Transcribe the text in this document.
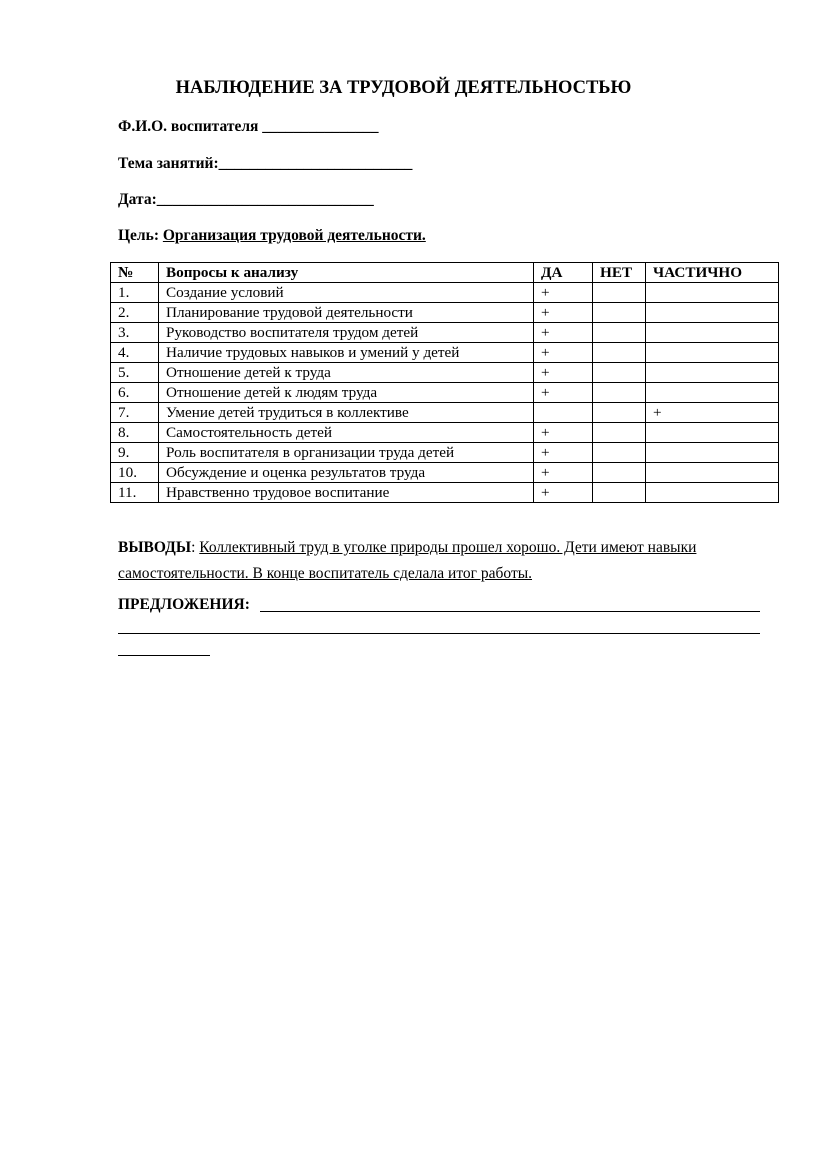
НАБЛЮДЕНИЕ ЗА ТРУДОВОЙ ДЕЯТЕЛЬНОСТЬЮ
Ф.И.О. воспитателя _______________
Тема занятий:_________________________
Дата:____________________________
Цель: Организация трудовой деятельности.
№	Вопросы к анализу	ДА	НЕТ	ЧАСТИЧНО
1.	Создание условий	+		
2.	Планирование трудовой деятельности	+		
3.	Руководство воспитателя трудом детей	+		
4.	Наличие трудовых навыков и умений у детей	+		
5.	Отношение детей к труда	+		
6.	Отношение детей к людям труда	+		
7.	Умение детей трудиться в коллективе			+
8.	Самостоятельность детей	+		
9.	Роль воспитателя в организации труда детей	+		
10.	Обсуждение и оценка результатов труда	+		
11.	Нравственно трудовое воспитание	+		
ВЫВОДЫ: Коллективный труд в уголке природы прошел хорошо. Дети имеют навыки самостоятельности. В конце воспитатель сделала итог работы.
ПРЕДЛОЖЕНИЯ:
